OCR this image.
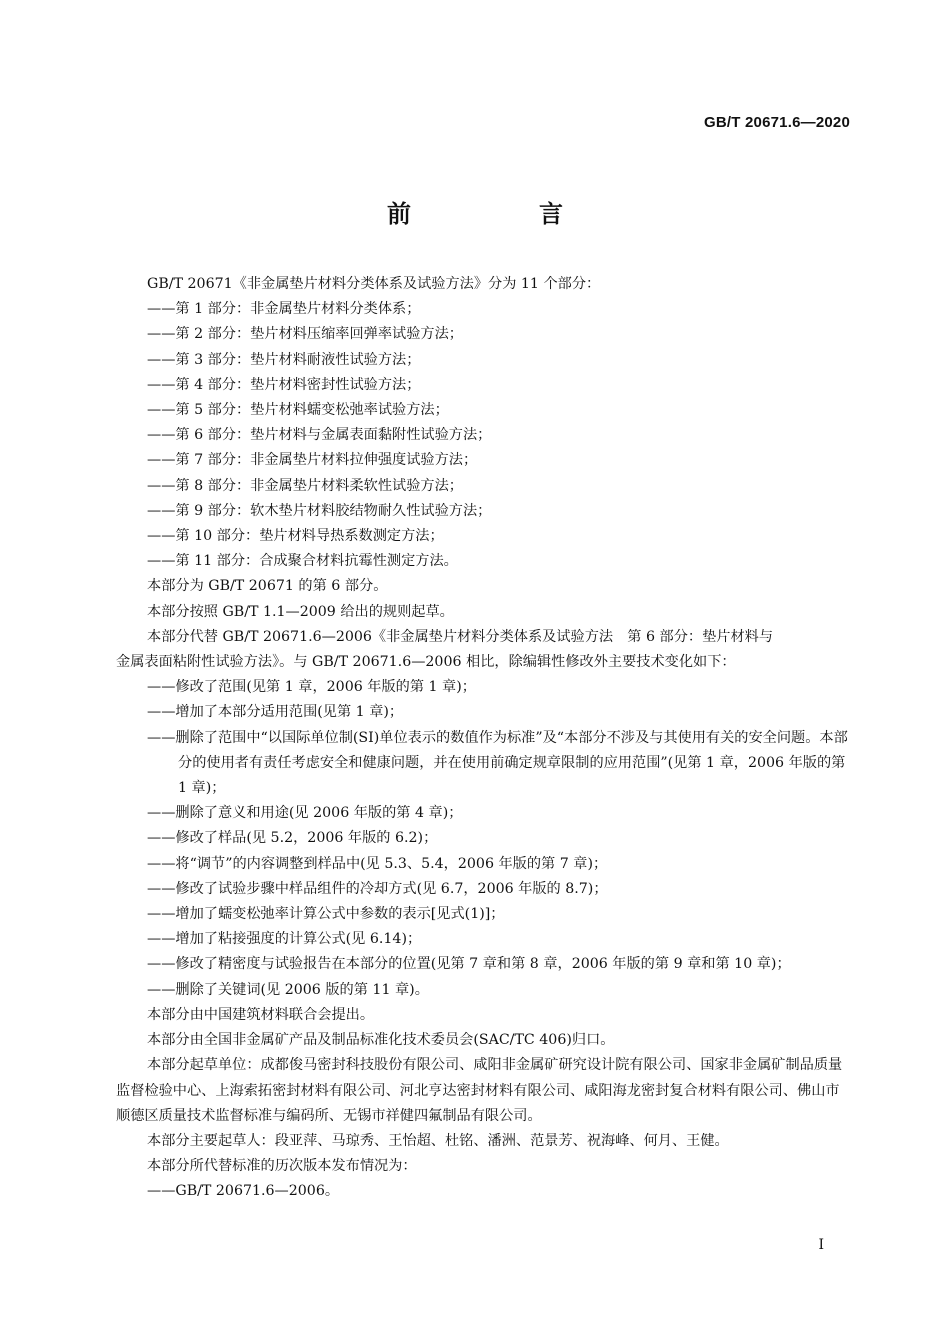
GB/T 20671.6—2020
前　言

GB/T 20671《非金属垫片材料分类体系及试验方法》分为 11 个部分：

——第 1 部分：非金属垫片材料分类体系；

——第 2 部分：垫片材料压缩率回弹率试验方法；

——第 3 部分：垫片材料耐液性试验方法；

——第 4 部分：垫片材料密封性试验方法；

——第 5 部分：垫片材料蠕变松弛率试验方法；

——第 6 部分：垫片材料与金属表面黏附性试验方法；

——第 7 部分：非金属垫片材料拉伸强度试验方法；

——第 8 部分：非金属垫片材料柔软性试验方法；

——第 9 部分：软木垫片材料胶结物耐久性试验方法；

——第 10 部分：垫片材料导热系数测定方法；

——第 11 部分：合成聚合材料抗霉性测定方法。

本部分为 GB/T 20671 的第 6 部分。

本部分按照 GB/T 1.1—2009 给出的规则起草。

本部分代替 GB/T 20671.6—2006《非金属垫片材料分类体系及试验方法　第 6 部分：垫片材料与

金属表面粘附性试验方法》。与 GB/T 20671.6—2006 相比，除编辑性修改外主要技术变化如下：

——修改了范围(见第 1 章，2006 年版的第 1 章)；

——增加了本部分适用范围(见第 1 章)；

——删除了范围中“以国际单位制(SI)单位表示的数值作为标准”及“本部分不涉及与其使用有关的安全问题。本部分的使用者有责任考虑安全和健康问题，并在使用前确定规章限制的应用范围”(见第 1 章，2006 年版的第 1 章)；

——删除了意义和用途(见 2006 年版的第 4 章)；

——修改了样品(见 5.2，2006 年版的 6.2)；

——将“调节”的内容调整到样品中(见 5.3、5.4，2006 年版的第 7 章)；

——修改了试验步骤中样品组件的冷却方式(见 6.7，2006 年版的 8.7)；

——增加了蠕变松弛率计算公式中参数的表示[见式(1)]；

——增加了粘接强度的计算公式(见 6.14)；

——修改了精密度与试验报告在本部分的位置(见第 7 章和第 8 章，2006 年版的第 9 章和第 10 章)；

——删除了关键词(见 2006 版的第 11 章)。

本部分由中国建筑材料联合会提出。

本部分由全国非金属矿产品及制品标准化技术委员会(SAC/TC 406)归口。

本部分起草单位：成都俊马密封科技股份有限公司、咸阳非金属矿研究设计院有限公司、国家非金属矿制品质量监督检验中心、上海索拓密封材料有限公司、河北亨达密封材料有限公司、咸阳海龙密封复合材料有限公司、佛山市顺德区质量技术监督标准与编码所、无锡市祥健四氟制品有限公司。

本部分主要起草人：段亚萍、马琼秀、王怡超、杜铭、潘洲、范景芳、祝海峰、何月、王健。

本部分所代替标准的历次版本发布情况为：

——GB/T 20671.6—2006。

I
